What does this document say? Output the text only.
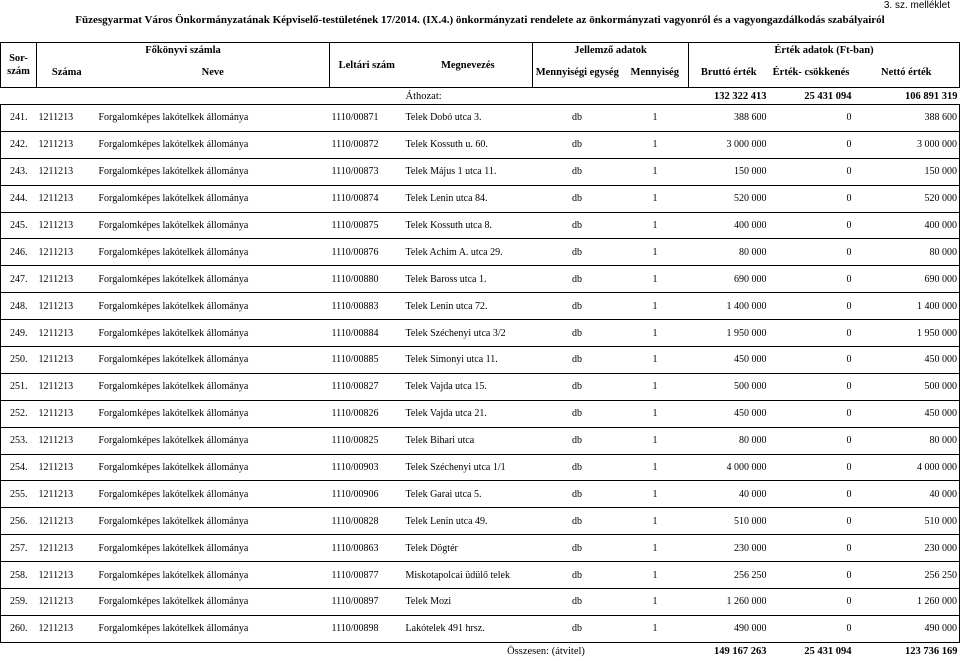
3. sz. melléklet
Füzesgyarmat Város Önkormányzatának Képviselő-testületének 17/2014. (IX.4.) önkormányzati rendelete az önkormányzati vagyonról és a vagyongazdálkodás szabályairól
Sor-szám	Főkönyvi számla		Leltári szám	Megnevezés	Jellemző adatok		Érték adatok (Ft-ban)		
	Száma	Neve			Mennyiségi egység	Mennyiség	Bruttó érték	Érték- csökkenés	Nettó érték
				Áthozat:			132 322 413	25 431 094	106 891 319
241.	1211213	Forgalomképes lakótelkek állománya	1110/00871	Telek Dobó utca 3.	db	1	388 600	0	388 600
242.	1211213	Forgalomképes lakótelkek állománya	1110/00872	Telek Kossuth u. 60.	db	1	3 000 000	0	3 000 000
243.	1211213	Forgalomképes lakótelkek állománya	1110/00873	Telek Május 1 utca 11.	db	1	150 000	0	150 000
244.	1211213	Forgalomképes lakótelkek állománya	1110/00874	Telek Lenin utca 84.	db	1	520 000	0	520 000
245.	1211213	Forgalomképes lakótelkek állománya	1110/00875	Telek Kossuth utca 8.	db	1	400 000	0	400 000
246.	1211213	Forgalomképes lakótelkek állománya	1110/00876	Telek Achim A. utca 29.	db	1	80 000	0	80 000
247.	1211213	Forgalomképes lakótelkek állománya	1110/00880	Telek Baross utca 1.	db	1	690 000	0	690 000
248.	1211213	Forgalomképes lakótelkek állománya	1110/00883	Telek Lenin utca 72.	db	1	1 400 000	0	1 400 000
249.	1211213	Forgalomképes lakótelkek állománya	1110/00884	Telek Széchenyi utca 3/2	db	1	1 950 000	0	1 950 000
250.	1211213	Forgalomképes lakótelkek állománya	1110/00885	Telek Simonyi utca 11.	db	1	450 000	0	450 000
251.	1211213	Forgalomképes lakótelkek állománya	1110/00827	Telek Vajda utca 15.	db	1	500 000	0	500 000
252.	1211213	Forgalomképes lakótelkek állománya	1110/00826	Telek Vajda utca 21.	db	1	450 000	0	450 000
253.	1211213	Forgalomképes lakótelkek állománya	1110/00825	Telek Bihari utca	db	1	80 000	0	80 000
254.	1211213	Forgalomképes lakótelkek állománya	1110/00903	Telek Széchenyi utca 1/1	db	1	4 000 000	0	4 000 000
255.	1211213	Forgalomképes lakótelkek állománya	1110/00906	Telek Garai utca 5.	db	1	40 000	0	40 000
256.	1211213	Forgalomképes lakótelkek állománya	1110/00828	Telek Lenin utca 49.	db	1	510 000	0	510 000
257.	1211213	Forgalomképes lakótelkek állománya	1110/00863	Telek Dögtér	db	1	230 000	0	230 000
258.	1211213	Forgalomképes lakótelkek állománya	1110/00877	Miskotapolcai üdülő telek	db	1	256 250	0	256 250
259.	1211213	Forgalomképes lakótelkek állománya	1110/00897	Telek Mozi	db	1	1 260 000	0	1 260 000
260.	1211213	Forgalomképes lakótelkek állománya	1110/00898	Lakótelek 491 hrsz.	db	1	490 000	0	490 000
				Összesen: (átvitel)			149 167 263	25 431 094	123 736 169
